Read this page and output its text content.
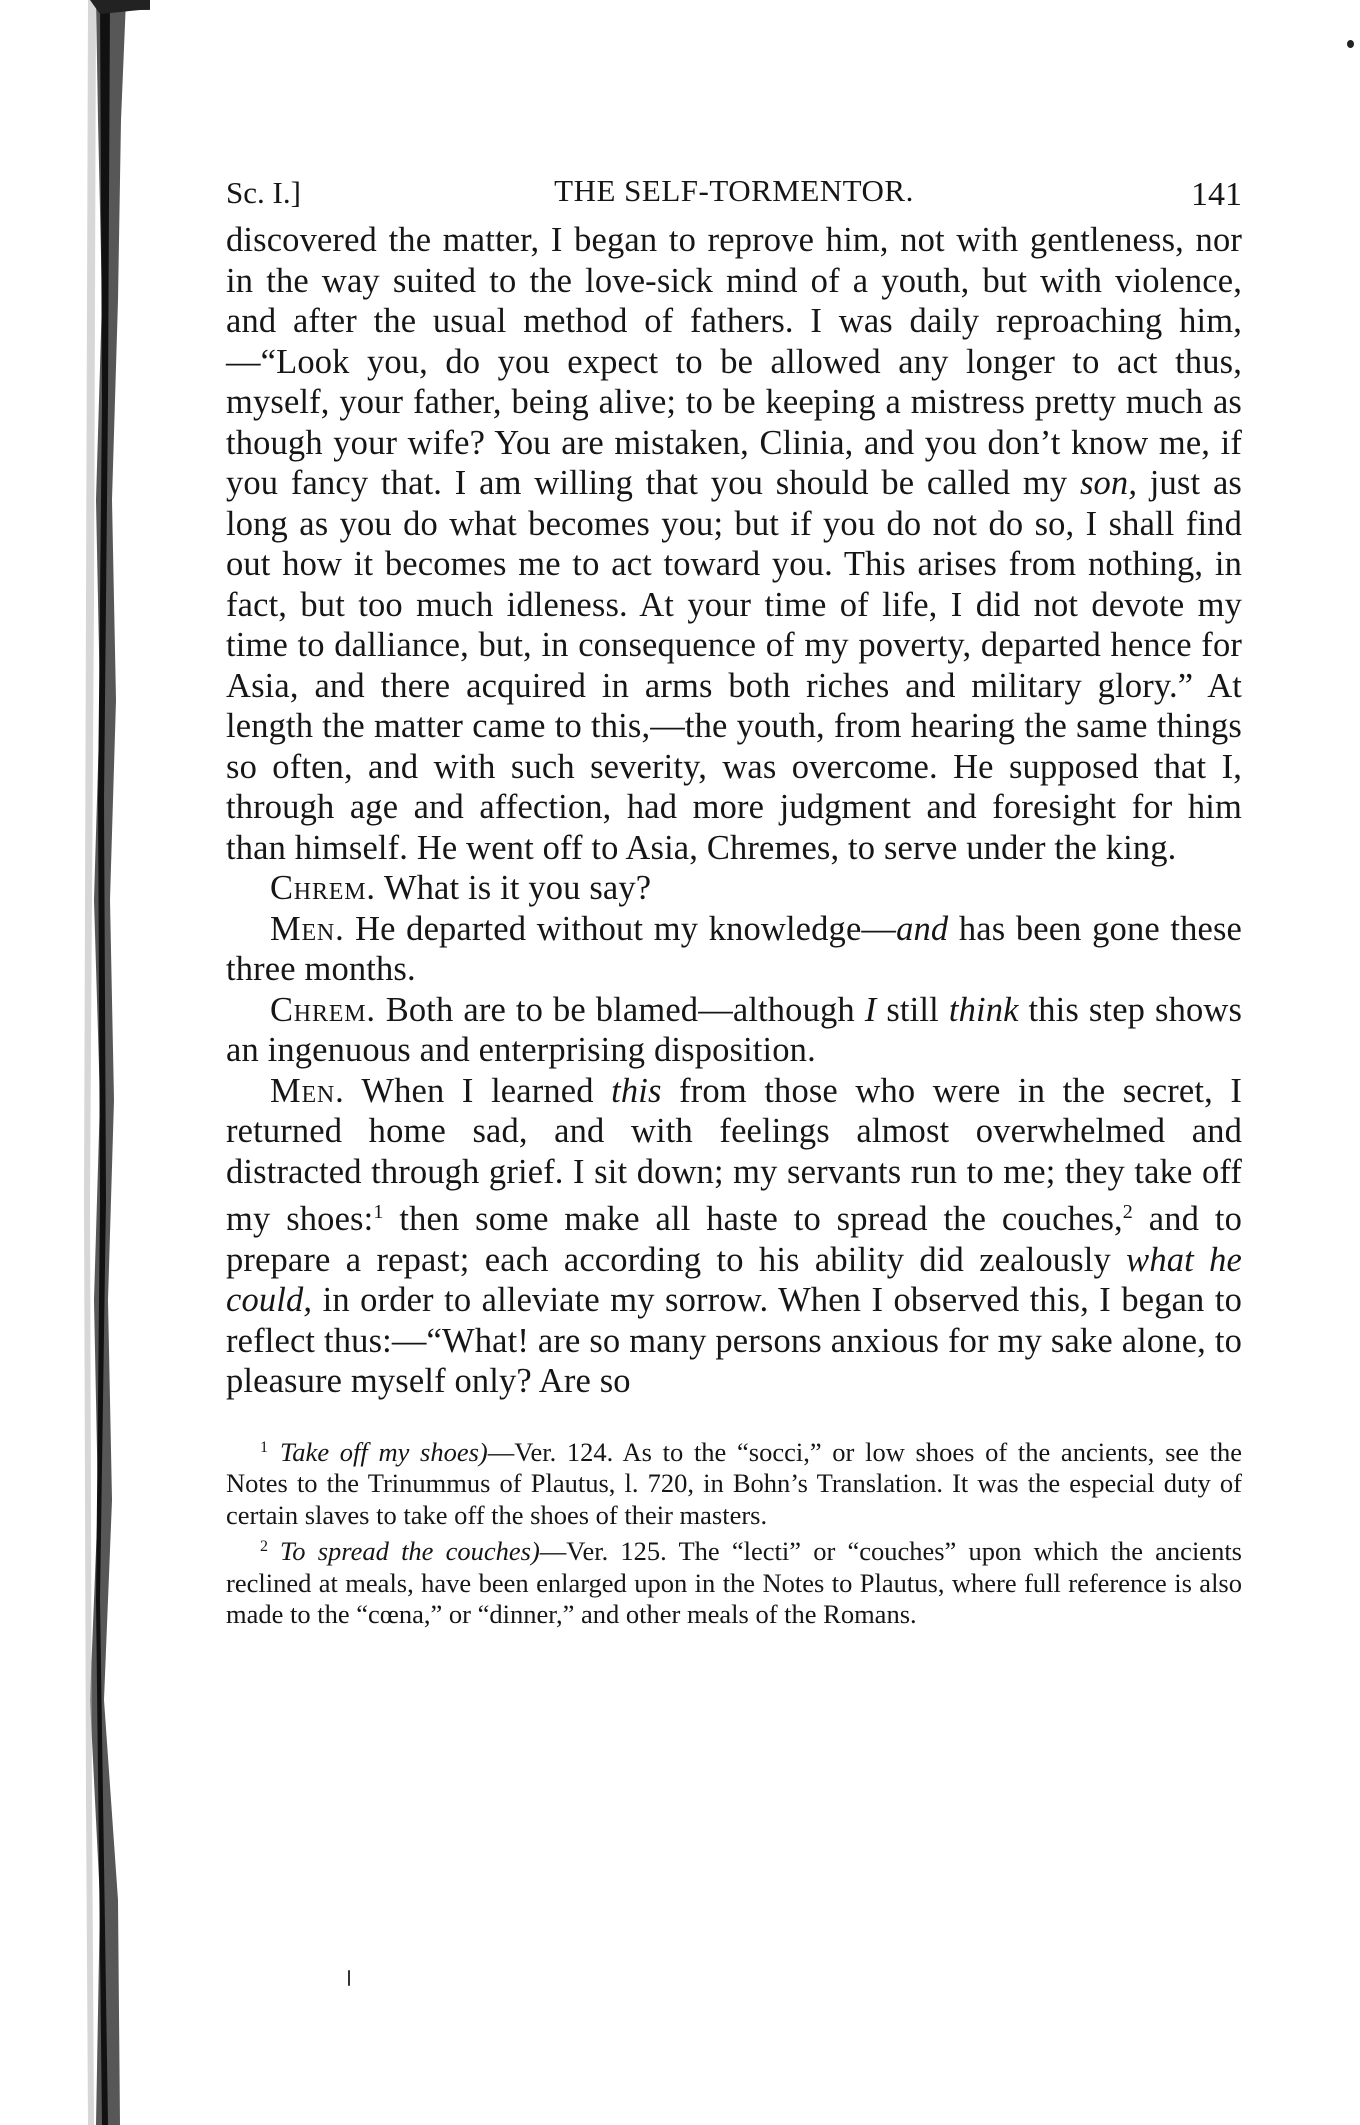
Sc. I.]	THE SELF-TORMENTOR.	141

discovered the matter, I began to reprove him, not with gentleness, nor in the way suited to the love-sick mind of a youth, but with violence, and after the usual method of fathers. I was daily reproaching him,—“Look you, do you expect to be allowed any longer to act thus, myself, your father, being alive; to be keeping a mistress pretty much as though your wife? You are mistaken, Clinia, and you don’t know me, if you fancy that. I am willing that you should be called my son, just as long as you do what becomes you; but if you do not do so, I shall find out how it becomes me to act toward you. This arises from nothing, in fact, but too much idleness. At your time of life, I did not devote my time to dalliance, but, in consequence of my poverty, departed hence for Asia, and there acquired in arms both riches and military glory.” At length the matter came to this,—the youth, from hearing the same things so often, and with such severity, was overcome. He supposed that I, through age and affection, had more judgment and foresight for him than himself. He went off to Asia, Chremes, to serve under the king.

Chrem. What is it you say?

Men. He departed without my knowledge—and has been gone these three months.

Chrem. Both are to be blamed—although I still think this step shows an ingenuous and enterprising disposition.

Men. When I learned this from those who were in the secret, I returned home sad, and with feelings almost overwhelmed and distracted through grief. I sit down; my servants run to me; they take off my shoes:$^1$ then some make all haste to spread the couches,$^2$ and to prepare a repast; each according to his ability did zealously what he could, in order to alleviate my sorrow. When I observed this, I began to reflect thus:—“What! are so many persons anxious for my sake alone, to pleasure myself only? Are so

$^1$ Take off my shoes)—Ver. 124. As to the “socci,” or low shoes of the ancients, see the Notes to the Trinummus of Plautus, l. 720, in Bohn’s Translation. It was the especial duty of certain slaves to take off the shoes of their masters.

$^2$ To spread the couches)—Ver. 125. The “lecti” or “couches” upon which the ancients reclined at meals, have been enlarged upon in the Notes to Plautus, where full reference is also made to the “cœna,” or “dinner,” and other meals of the Romans.
